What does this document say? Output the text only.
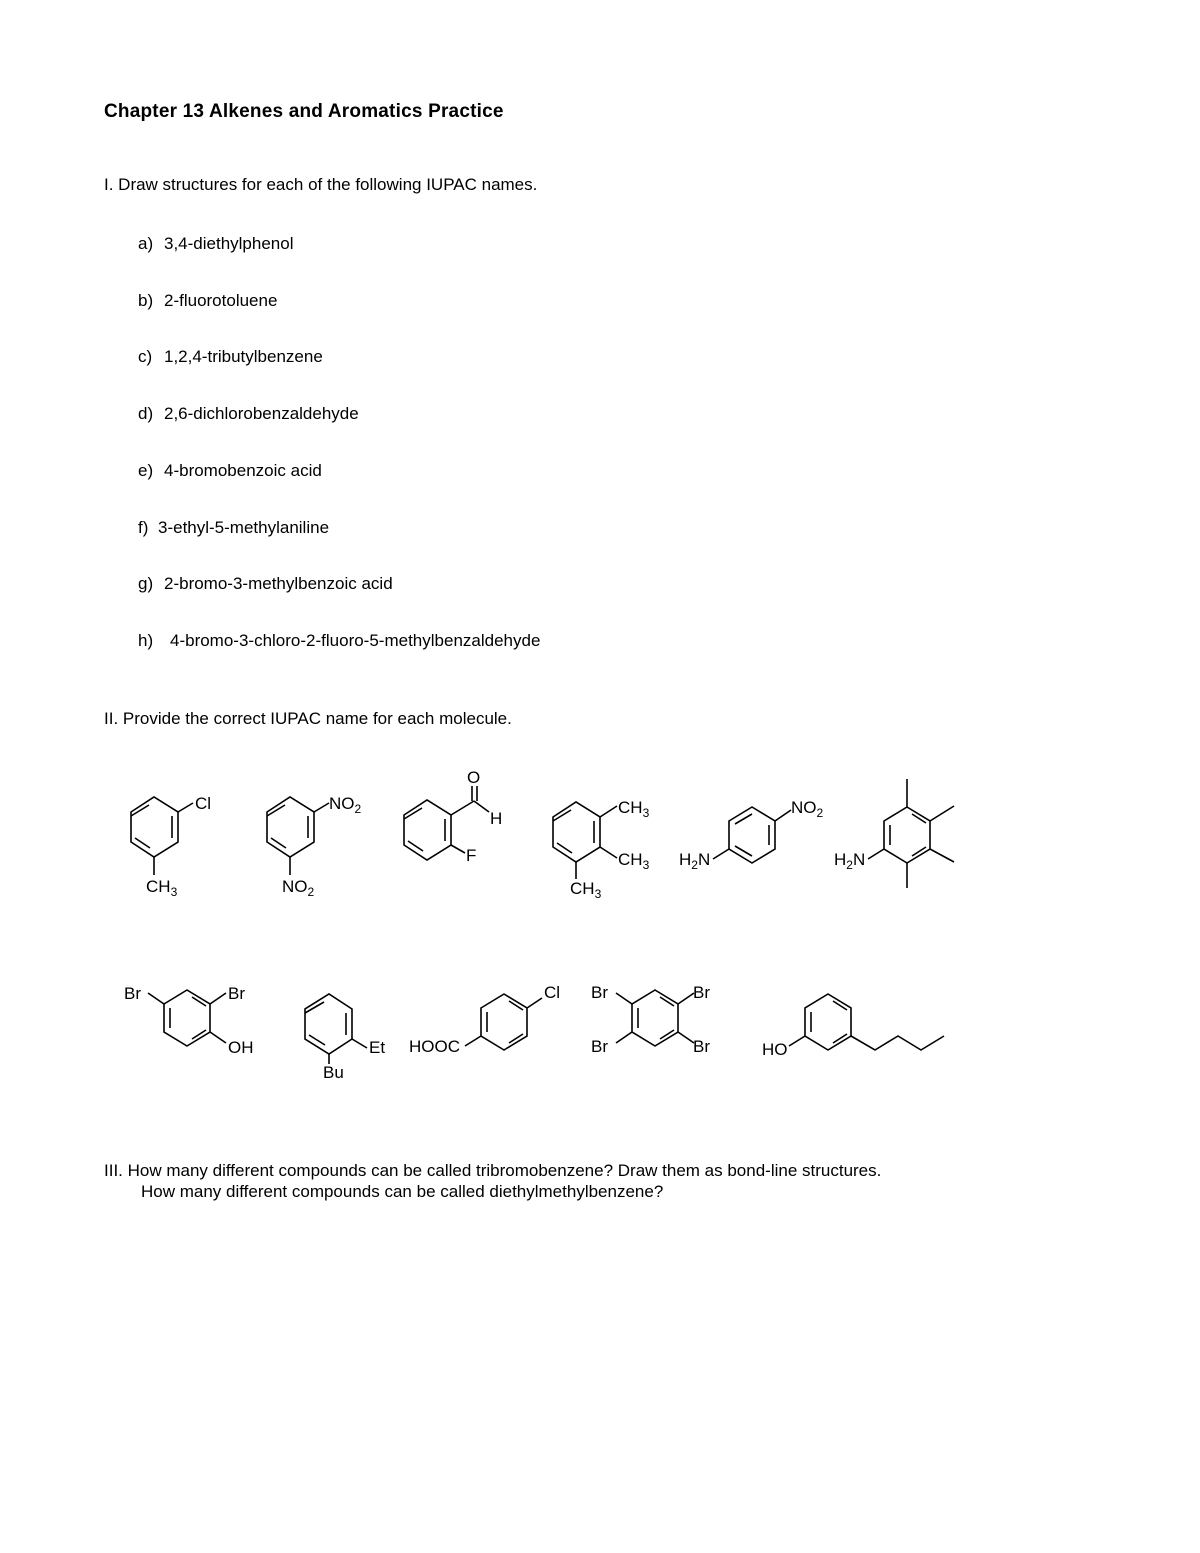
Chapter 13 Alkenes and Aromatics Practice
I. Draw structures for each of the following IUPAC names.
a) 3,4-diethylphenol
b) 2-fluorotoluene
c) 1,2,4-tributylbenzene
d) 2,6-dichlorobenzaldehyde
e) 4-bromobenzoic acid
f) 3-ethyl-5-methylaniline
g) 2-bromo-3-methylbenzoic acid
h) 4-bromo-3-chloro-2-fluoro-5-methylbenzaldehyde
II. Provide the correct IUPAC name for each molecule.
Cl
$CH_3$
$NO_2$
$NO_2$
O
H
F
$CH_3$
$CH_3$
$CH_3$
$NO_2$
$H_2N$	$H_2N$
Br	Br
OH	Et
Bu
Cl
HOOC
Br	Br
Br	Br	HO
III. How many different compounds can be called tribromobenzene? Draw them as bond-line structures.
How many different compounds can be called diethylmethylbenzene?
